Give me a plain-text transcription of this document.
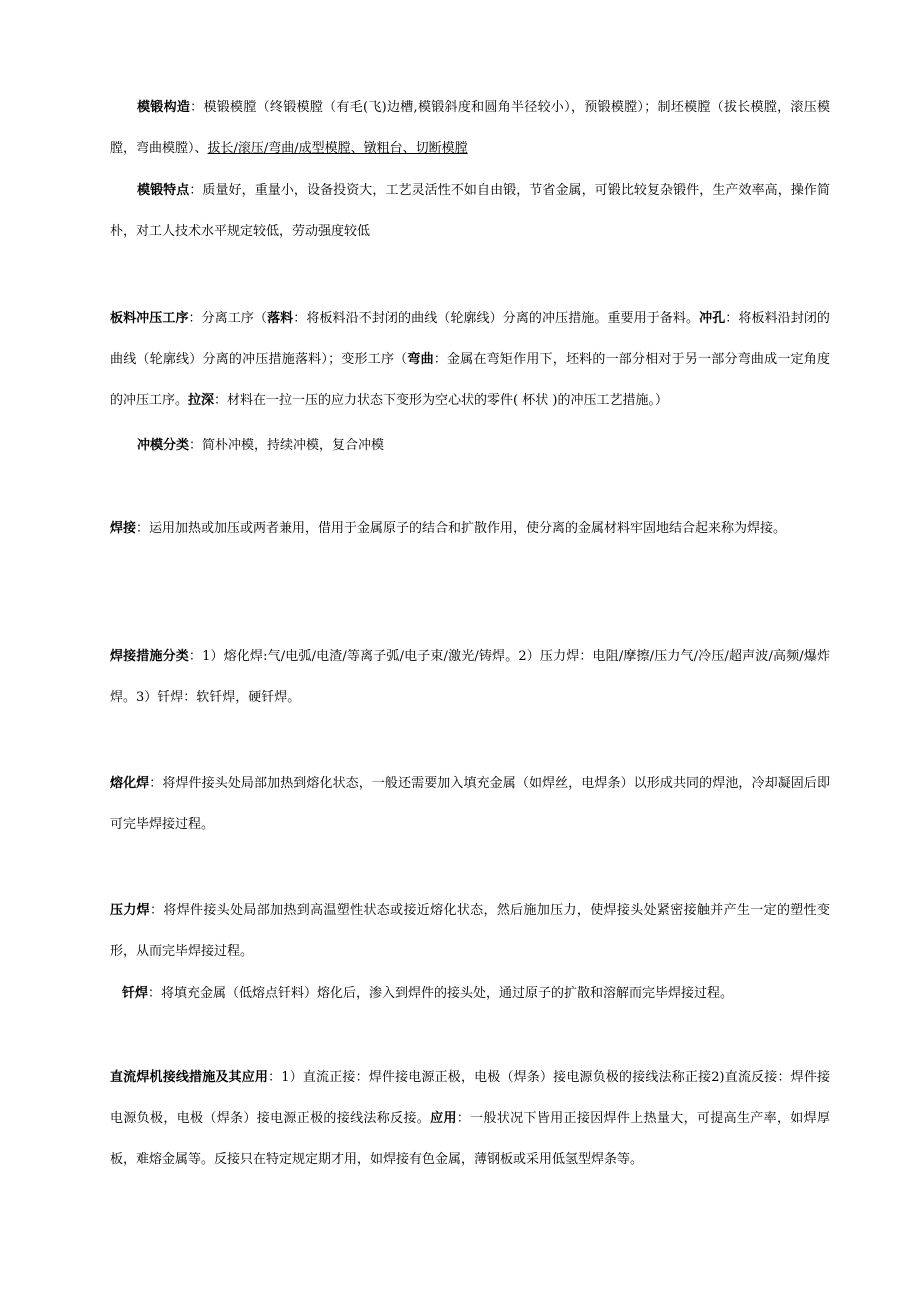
模锻构造：模锻模膛（终锻模膛（有毛(飞)边槽,模锻斜度和圆角半径较小），预锻模膛）；制坯模膛（拔长模膛，滚压模膛，弯曲模膛）、拔长/滚压/弯曲/成型模膛、镦粗台、切断模膛
模锻特点：质量好，重量小，设备投资大，工艺灵活性不如自由锻，节省金属，可锻比较复杂锻件，生产效率高，操作简朴，对工人技术水平规定较低，劳动强度较低
板料冲压工序：分离工序（落料：将板料沿不封闭的曲线（轮廓线）分离的冲压措施。重要用于备料。冲孔：将板料沿封闭的曲线（轮廓线）分离的冲压措施落料）；变形工序（弯曲：金属在弯矩作用下，坯料的一部分相对于另一部分弯曲成一定角度的冲压工序。拉深：材料在一拉一压的应力状态下变形为空心状的零件( 杯状 )的冲压工艺措施。）
冲模分类：简朴冲模，持续冲模，复合冲模
焊接：运用加热或加压或两者兼用，借用于金属原子的结合和扩散作用，使分离的金属材料牢固地结合起来称为焊接。
焊接措施分类：1）熔化焊:气/电弧/电渣/等离子弧/电子束/激光/铸焊。2）压力焊：电阻/摩擦/压力气/冷压/超声波/高频/爆炸焊。3）钎焊：软钎焊，硬钎焊。
熔化焊：将焊件接头处局部加热到熔化状态，一般还需要加入填充金属（如焊丝，电焊条）以形成共同的焊池，冷却凝固后即可完毕焊接过程。
压力焊：将焊件接头处局部加热到高温塑性状态或接近熔化状态，然后施加压力，使焊接头处紧密接触并产生一定的塑性变形，从而完毕焊接过程。
钎焊：将填充金属（低熔点钎料）熔化后，渗入到焊件的接头处，通过原子的扩散和溶解而完毕焊接过程。
直流焊机接线措施及其应用：1）直流正接：焊件接电源正极，电极（焊条）接电源负极的接线法称正接2)直流反接：焊件接电源负极，电极（焊条）接电源正极的接线法称反接。应用：一般状况下皆用正接因焊件上热量大，可提高生产率，如焊厚板，难熔金属等。反接只在特定规定期才用，如焊接有色金属，薄钢板或采用低氢型焊条等。
